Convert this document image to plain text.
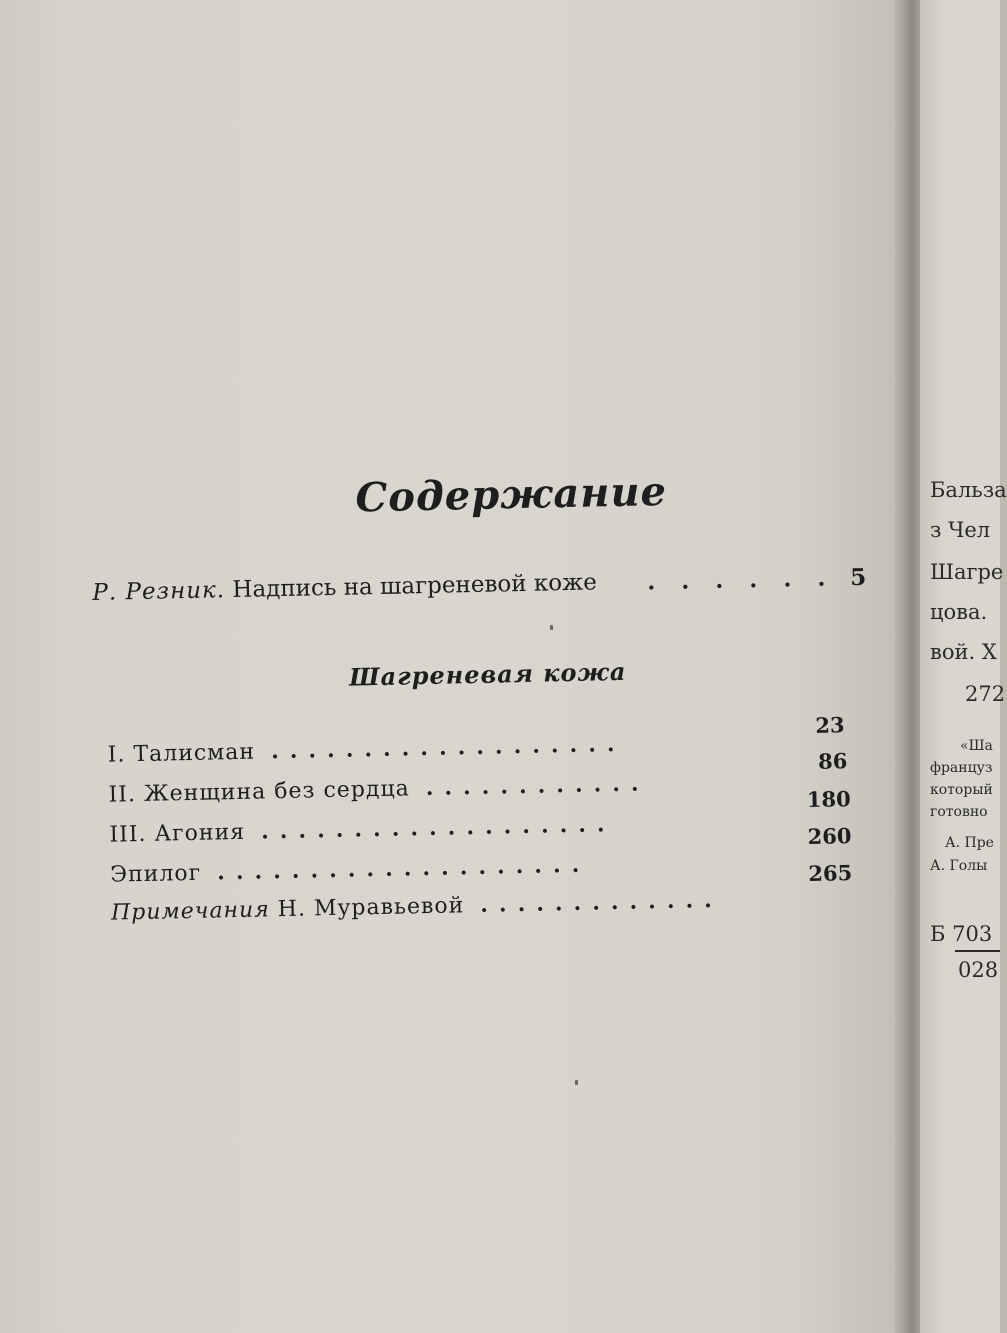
Содержание
Р. Резник. Надпись на шагреневой коже . . . . . . 5
Шагреневая кожа
23
86
180
260
265
I. Талисман ...................
II. Женщина без сердца ............
III. Агония ...................
Эпилог ....................
Примечания Н. Муравьевой .............
Бальза
з Чел
Шагре
цова.
вой. Х
272
«Ша
француз
который
готовно
А. Пре
А. Голы
Б 703
028
